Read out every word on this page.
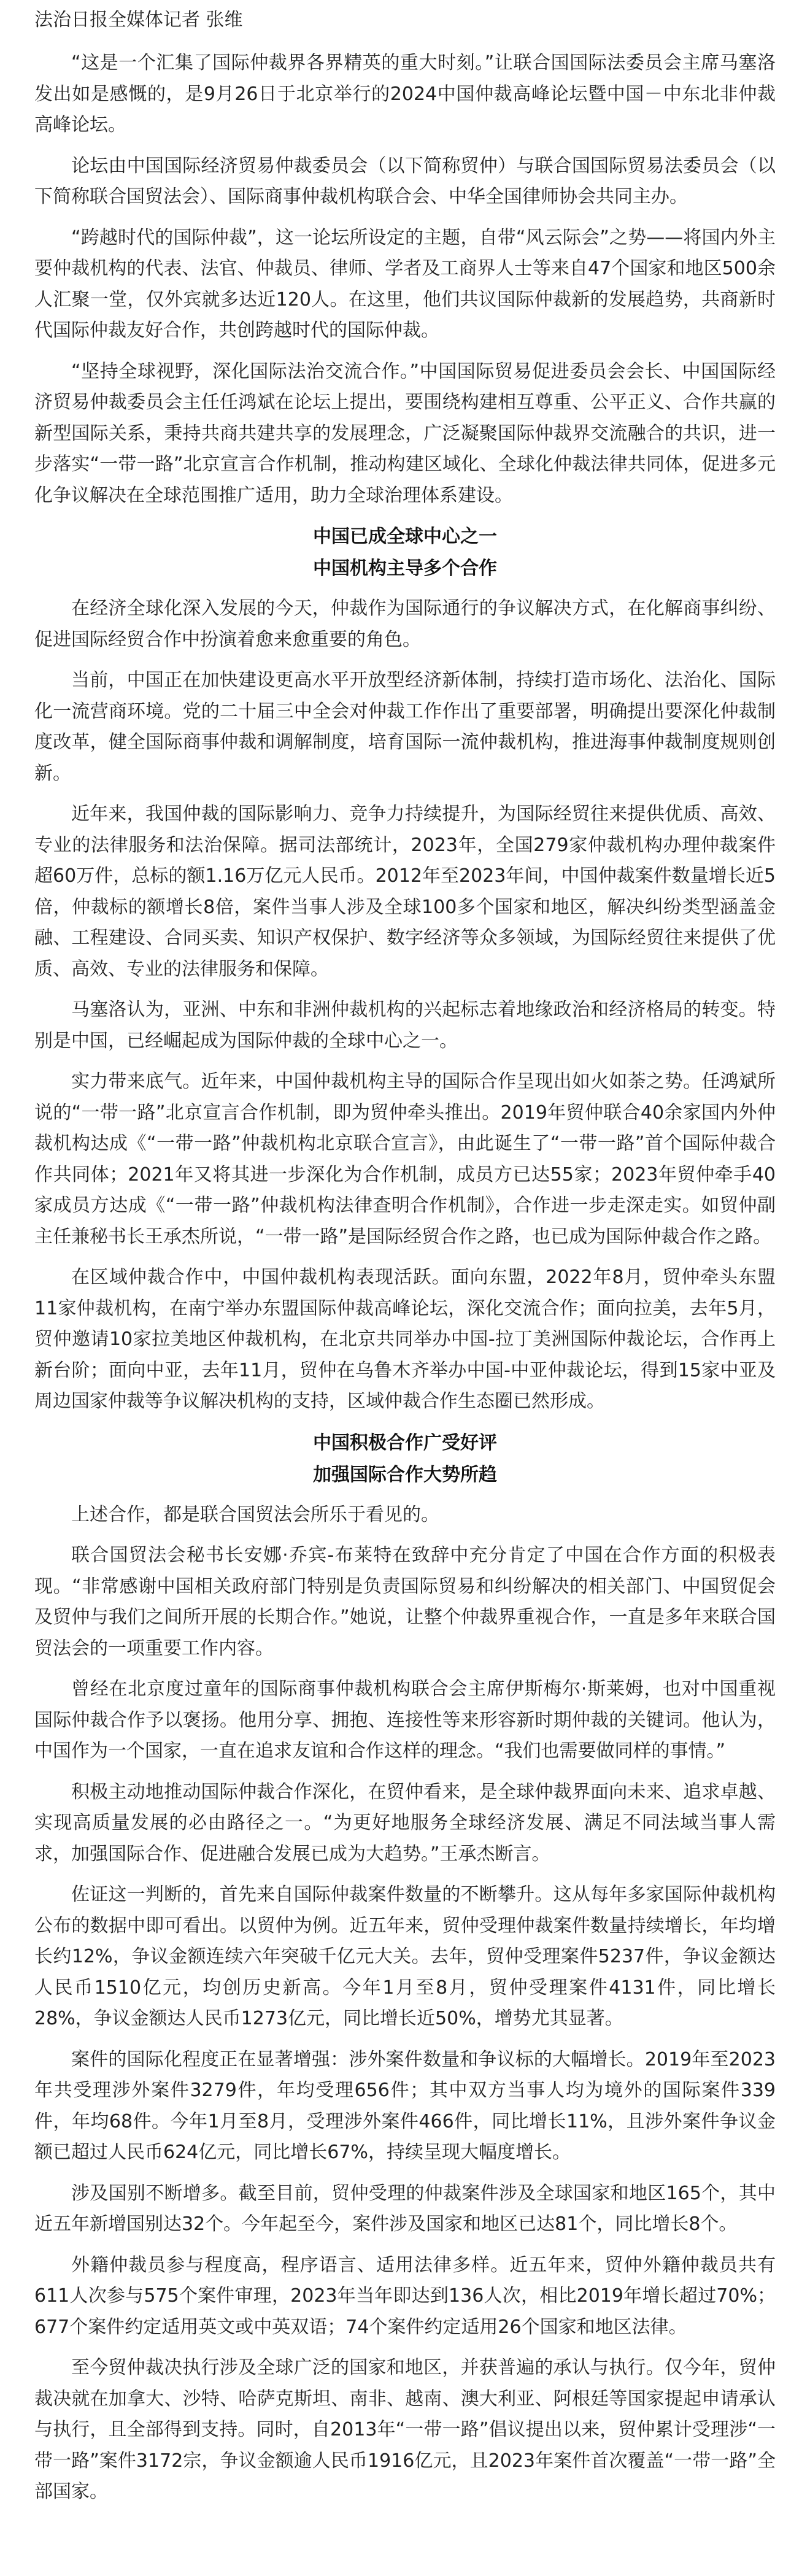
法治日报全媒体记者 张维

“这是一个汇集了国际仲裁界各界精英的重大时刻。”让联合国国际法委员会主席马塞洛发出如是感慨的，是9月26日于北京举行的2024中国仲裁高峰论坛暨中国－中东北非仲裁高峰论坛。

论坛由中国国际经济贸易仲裁委员会（以下简称贸仲）与联合国国际贸易法委员会（以下简称联合国贸法会）、国际商事仲裁机构联合会、中华全国律师协会共同主办。

“跨越时代的国际仲裁”，这一论坛所设定的主题，自带“风云际会”之势——将国内外主要仲裁机构的代表、法官、仲裁员、律师、学者及工商界人士等来自47个国家和地区500余人汇聚一堂，仅外宾就多达近120人。在这里，他们共议国际仲裁新的发展趋势，共商新时代国际仲裁友好合作，共创跨越时代的国际仲裁。

“坚持全球视野，深化国际法治交流合作。”中国国际贸易促进委员会会长、中国国际经济贸易仲裁委员会主任任鸿斌在论坛上提出，要围绕构建相互尊重、公平正义、合作共赢的新型国际关系，秉持共商共建共享的发展理念，广泛凝聚国际仲裁界交流融合的共识，进一步落实“一带一路”北京宣言合作机制，推动构建区域化、全球化仲裁法律共同体，促进多元化争议解决在全球范围推广适用，助力全球治理体系建设。

中国已成全球中心之一
中国机构主导多个合作

在经济全球化深入发展的今天，仲裁作为国际通行的争议解决方式，在化解商事纠纷、促进国际经贸合作中扮演着愈来愈重要的角色。

当前，中国正在加快建设更高水平开放型经济新体制，持续打造市场化、法治化、国际化一流营商环境。党的二十届三中全会对仲裁工作作出了重要部署，明确提出要深化仲裁制度改革，健全国际商事仲裁和调解制度，培育国际一流仲裁机构，推进海事仲裁制度规则创新。

近年来，我国仲裁的国际影响力、竞争力持续提升，为国际经贸往来提供优质、高效、专业的法律服务和法治保障。据司法部统计，2023年，全国279家仲裁机构办理仲裁案件超60万件，总标的额1.16万亿元人民币。2012年至2023年间，中国仲裁案件数量增长近5倍，仲裁标的额增长8倍，案件当事人涉及全球100多个国家和地区，解决纠纷类型涵盖金融、工程建设、合同买卖、知识产权保护、数字经济等众多领域，为国际经贸往来提供了优质、高效、专业的法律服务和保障。

马塞洛认为，亚洲、中东和非洲仲裁机构的兴起标志着地缘政治和经济格局的转变。特别是中国，已经崛起成为国际仲裁的全球中心之一。

实力带来底气。近年来，中国仲裁机构主导的国际合作呈现出如火如荼之势。任鸿斌所说的“一带一路”北京宣言合作机制，即为贸仲牵头推出。2019年贸仲联合40余家国内外仲裁机构达成《“一带一路”仲裁机构北京联合宣言》，由此诞生了“一带一路”首个国际仲裁合作共同体；2021年又将其进一步深化为合作机制，成员方已达55家；2023年贸仲牵手40家成员方达成《“一带一路”仲裁机构法律查明合作机制》，合作进一步走深走实。如贸仲副主任兼秘书长王承杰所说，“一带一路”是国际经贸合作之路，也已成为国际仲裁合作之路。

在区域仲裁合作中，中国仲裁机构表现活跃。面向东盟，2022年8月，贸仲牵头东盟11家仲裁机构，在南宁举办东盟国际仲裁高峰论坛，深化交流合作；面向拉美，去年5月，贸仲邀请10家拉美地区仲裁机构，在北京共同举办中国-拉丁美洲国际仲裁论坛，合作再上新台阶；面向中亚，去年11月，贸仲在乌鲁木齐举办中国-中亚仲裁论坛，得到15家中亚及周边国家仲裁等争议解决机构的支持，区域仲裁合作生态圈已然形成。

中国积极合作广受好评
加强国际合作大势所趋

上述合作，都是联合国贸法会所乐于看见的。

联合国贸法会秘书长安娜·乔宾-布莱特在致辞中充分肯定了中国在合作方面的积极表现。“非常感谢中国相关政府部门特别是负责国际贸易和纠纷解决的相关部门、中国贸促会及贸仲与我们之间所开展的长期合作。”她说，让整个仲裁界重视合作，一直是多年来联合国贸法会的一项重要工作内容。

曾经在北京度过童年的国际商事仲裁机构联合会主席伊斯梅尔·斯莱姆，也对中国重视国际仲裁合作予以褒扬。他用分享、拥抱、连接性等来形容新时期仲裁的关键词。他认为，中国作为一个国家，一直在追求友谊和合作这样的理念。“我们也需要做同样的事情。”

积极主动地推动国际仲裁合作深化，在贸仲看来，是全球仲裁界面向未来、追求卓越、实现高质量发展的必由路径之一。“为更好地服务全球经济发展、满足不同法域当事人需求，加强国际合作、促进融合发展已成为大趋势。”王承杰断言。

佐证这一判断的，首先来自国际仲裁案件数量的不断攀升。这从每年多家国际仲裁机构公布的数据中即可看出。以贸仲为例。近五年来，贸仲受理仲裁案件数量持续增长，年均增长约12%，争议金额连续六年突破千亿元大关。去年，贸仲受理案件5237件，争议金额达人民币1510亿元，均创历史新高。今年1月至8月，贸仲受理案件4131件，同比增长28%，争议金额达人民币1273亿元，同比增长近50%，增势尤其显著。

案件的国际化程度正在显著增强：涉外案件数量和争议标的大幅增长。2019年至2023年共受理涉外案件3279件，年均受理656件；其中双方当事人均为境外的国际案件339件，年均68件。今年1月至8月，受理涉外案件466件，同比增长11%，且涉外案件争议金额已超过人民币624亿元，同比增长67%，持续呈现大幅度增长。

涉及国别不断增多。截至目前，贸仲受理的仲裁案件涉及全球国家和地区165个，其中近五年新增国别达32个。今年起至今，案件涉及国家和地区已达81个，同比增长8个。

外籍仲裁员参与程度高，程序语言、适用法律多样。近五年来，贸仲外籍仲裁员共有611人次参与575个案件审理，2023年当年即达到136人次，相比2019年增长超过70%；677个案件约定适用英文或中英双语；74个案件约定适用26个国家和地区法律。

至今贸仲裁决执行涉及全球广泛的国家和地区，并获普遍的承认与执行。仅今年，贸仲裁决就在加拿大、沙特、哈萨克斯坦、南非、越南、澳大利亚、阿根廷等国家提起申请承认与执行，且全部得到支持。同时，自2013年“一带一路”倡议提出以来，贸仲累计受理涉“一带一路”案件3172宗，争议金额逾人民币1916亿元，且2023年案件首次覆盖“一带一路”全部国家。
